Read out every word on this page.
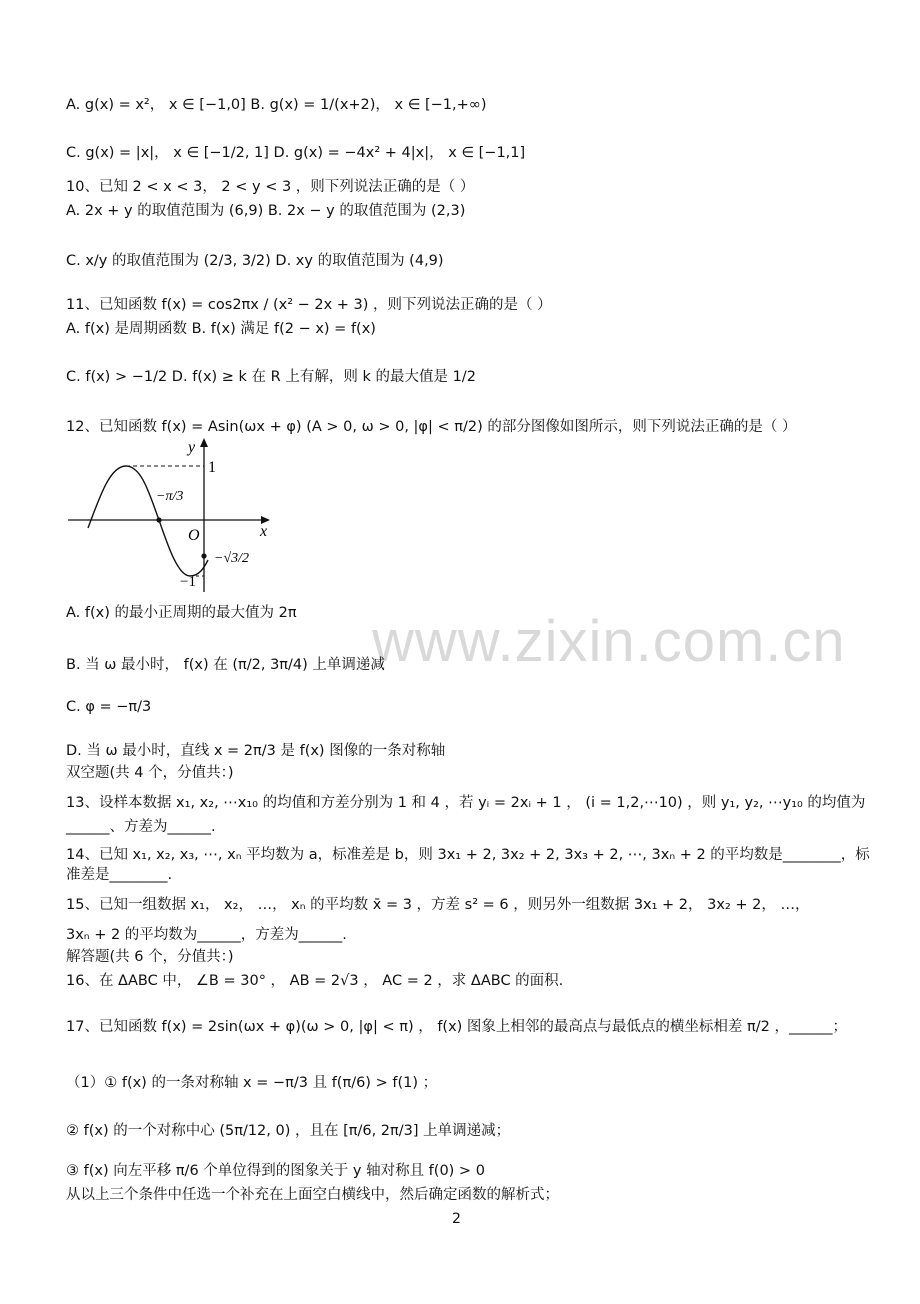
www.zixin.com.cn
A. g(x) = x²， x ∈ [−1,0] B. g(x) = 1/(x+2)， x ∈ [−1,+∞)
C. g(x) = |x|， x ∈ [−1/2, 1] D. g(x) = −4x² + 4|x|， x ∈ [−1,1]
10、已知 2 < x < 3， 2 < y < 3 ，则下列说法正确的是（ ）
A. 2x + y 的取值范围为 (6,9) B. 2x − y 的取值范围为 (2,3)
C. x/y 的取值范围为 (2/3, 3/2) D. xy 的取值范围为 (4,9)
11、已知函数 f(x) = cos2πx / (x² − 2x + 3) ，则下列说法正确的是（ ）
A. f(x) 是周期函数 B. f(x) 满足 f(2 − x) = f(x)
C. f(x) > −1/2 D. f(x) ≥ k 在 R 上有解，则 k 的最大值是 1/2
12、已知函数 f(x) = Asin(ωx + φ) (A > 0, ω > 0, |φ| < π/2) 的部分图像如图所示，则下列说法正确的是（ ）
A. f(x) 的最小正周期的最大值为 2π
B. 当 ω 最小时， f(x) 在 (π/2, 3π/4) 上单调递减
C. φ = −π/3
D. 当 ω 最小时，直线 x = 2π/3 是 f(x) 图像的一条对称轴
双空题(共 4 个，分值共：)
13、设样本数据 x₁, x₂, ⋯x₁₀ 的均值和方差分别为 1 和 4 ，若 yᵢ = 2xᵢ + 1 ， (i = 1,2,⋯10) ，则 y₁, y₂, ⋯y₁₀ 的均值为
______、方差为______.
14、已知 x₁, x₂, x₃, ⋯, xₙ 平均数为 a，标准差是 b，则 3x₁ + 2, 3x₂ + 2, 3x₃ + 2, ⋯, 3xₙ + 2 的平均数是________，标
准差是________.
15、已知一组数据 x₁， x₂， …， xₙ 的平均数 x̄ = 3 ，方差 s² = 6 ，则另外一组数据 3x₁ + 2， 3x₂ + 2， …，
3xₙ + 2 的平均数为______，方差为______.
解答题(共 6 个，分值共：)
16、在 ΔABC 中， ∠B = 30° ， AB = 2√3 ， AC = 2 ，求 ΔABC 的面积.
17、已知函数 f(x) = 2sin(ωx + φ)(ω > 0, |φ| < π) ， f(x) 图象上相邻的最高点与最低点的横坐标相差 π/2 ，______；
（1）① f(x) 的一条对称轴 x = −π/3 且 f(π/6) > f(1) ；
② f(x) 的一个对称中心 (5π/12, 0) ，且在 [π/6, 2π/3] 上单调递减；
③ f(x) 向左平移 π/6 个单位得到的图象关于 y 轴对称且 f(0) > 0
从以上三个条件中任选一个补充在上面空白横线中，然后确定函数的解析式；
y
x
O
1
−1
−π/3
−√3/2
2
